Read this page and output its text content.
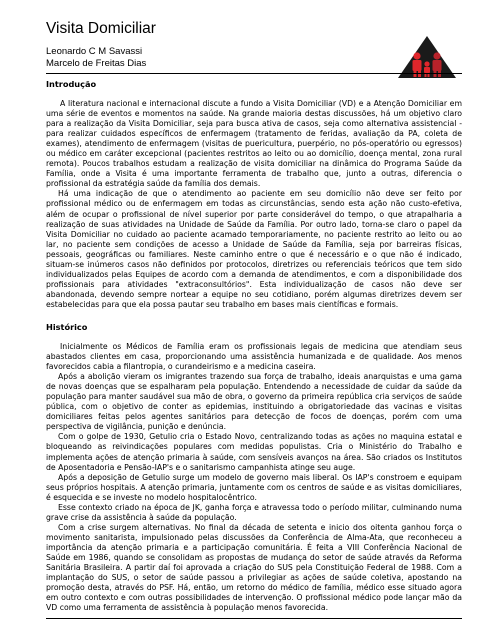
Visita Domiciliar
Leonardo C M Savassi
Marcelo de Freitas Dias
Introdução

A literatura nacional e internacional discute a fundo a Visita Domiciliar (VD) e a Atenção Domiciliar em uma série de eventos e momentos na saúde. Na grande maioria destas discussões, há um objetivo claro para a realização da Visita Domiciliar, seja para busca ativa de casos, seja como alternativa assistencial - para realizar cuidados específicos de enfermagem (tratamento de feridas, avaliação da PA, coleta de exames), atendimento de enfermagem (visitas de puericultura, puerpério, no pós-operatório ou egressos) ou médico em caráter excepcional (pacientes restritos ao leito ou ao domicílio, doença mental, zona rural remota). Poucos trabalhos estudam a realização de visita domiciliar na dinâmica do Programa Saúde da Família, onde a Visita é uma importante ferramenta de trabalho que, junto a outras, diferencia o profissional da estratégia saúde da família dos demais.

Há uma indicação de que o atendimento ao paciente em seu domicílio não deve ser feito por profissional médico ou de enfermagem em todas as circunstâncias, sendo esta ação não custo-efetiva, além de ocupar o profissional de nível superior por parte considerável do tempo, o que atrapalharia a realização de suas atividades na Unidade de Saúde da Família. Por outro lado, torna-se claro o papel da Visita Domiciliar no cuidado ao paciente acamado temporariamente, no paciente restrito ao leito ou ao lar, no paciente sem condições de acesso a Unidade de Saúde da Família, seja por barreiras físicas, pessoais, geográficas ou familiares. Neste caminho entre o que é necessário e o que não é indicado, situam-se inúmeros casos não definidos por protocolos, diretrizes ou referenciais teóricos que tem sido individualizados pelas Equipes de acordo com a demanda de atendimentos, e com a disponibilidade dos profissionais para atividades "extraconsultórios". Esta individualização de casos não deve ser abandonada, devendo sempre nortear a equipe no seu cotidiano, porém algumas diretrizes devem ser estabelecidas para que ela possa pautar seu trabalho em bases mais científicas e formais.

Histórico

Inicialmente os Médicos de Família eram os profissionais legais de medicina que atendiam seus abastados clientes em casa, proporcionando uma assistência humanizada e de qualidade. Aos menos favorecidos cabia a filantropia, o curandeirismo e a medicina caseira.

Após a abolição vieram os imigrantes trazendo sua força de trabalho, ideais anarquistas e uma gama de novas doenças que se espalharam pela população. Entendendo a necessidade de cuidar da saúde da população para manter saudável sua mão de obra, o governo da primeira república cria serviços de saúde pública, com o objetivo de conter as epidemias, instituindo a obrigatoriedade das vacinas e visitas domiciliares feitas pelos agentes sanitários para detecção de focos de doenças, porém com uma perspectiva de vigilância, punição e denúncia.

Com o golpe de 1930, Getulio cria o Estado Novo, centralizando todas as ações no maquina estatal e bloqueando as reivindicações populares com medidas populistas. Cria o Ministério do Trabalho e implementa ações de atenção primaria à saúde, com sensíveis avanços na área. São criados os Institutos de Aposentadoria e Pensão-IAP's e o sanitarismo campanhista atinge seu auge.

Após a deposição de Getulio surge um modelo de governo mais liberal. Os IAP's constroem e equipam seus próprios hospitais. A atenção primaria, juntamente com os centros de saúde e as visitas domiciliares, é esquecida e se investe no modelo hospitalocêntrico.

Esse contexto criado na época de JK, ganha força e atravessa todo o período militar, culminando numa grave crise da assistência à saúde da população.

Com a crise surgem alternativas. No final da década de setenta e inicio dos oitenta ganhou força o movimento sanitarista, impulsionado pelas discussões da Conferência de Alma-Ata, que reconheceu a importância da atenção primaria e a participação comunitária. É feita a VIII Conferência Nacional de Saúde em 1986, quando se consolidam as propostas de mudança do setor de saúde através da Reforma Sanitária Brasileira. A partir daí foi aprovada a criação do SUS pela Constituição Federal de 1988. Com a implantação do SUS, o setor de saúde passou a privilegiar as ações de saúde coletiva, apostando na promoção desta, através do PSF. Há, então, um retorno do médico de família, médico esse situado agora em outro contexto e com outras possibilidades de intervenção. O profissional médico pode lançar mão da VD como uma ferramenta de assistência à população menos favorecida.
